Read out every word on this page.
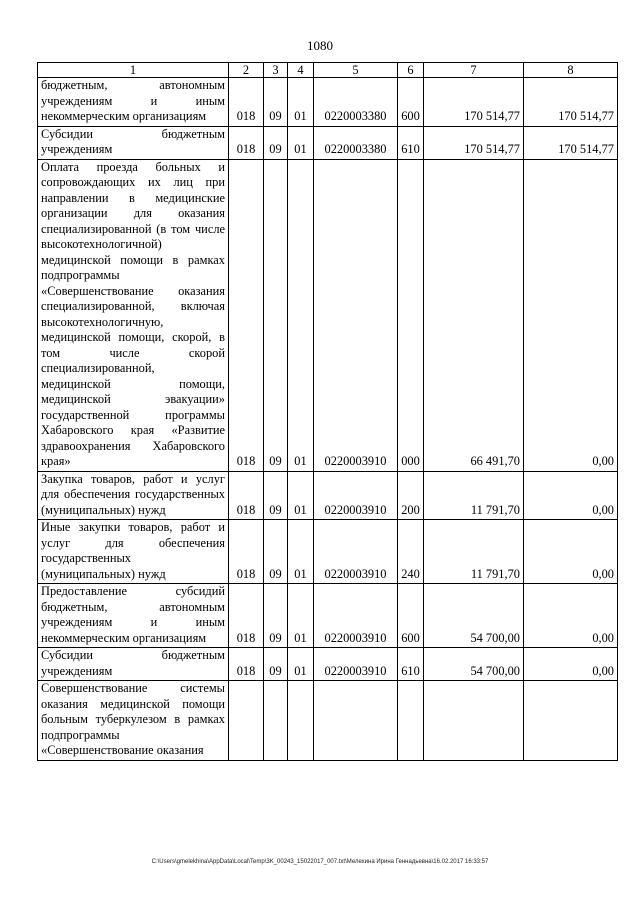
1080
1	2	3	4	5	6	7	8
бюджетным, автономным учреждениям и иным некоммерческим организациям	018	09	01	0220003380	600	170 514,77	170 514,77
Субсидии бюджетным учреждениям	018	09	01	0220003380	610	170 514,77	170 514,77
Оплата проезда больных и сопровождающих их лиц при направлении в медицинские организации для оказания специализированной (в том числе высокотехнологичной) медицинской помощи в рамках подпрограммы «Совершенствование оказания специализированной, включая высокотехнологичную, медицинской помощи, скорой, в том числе скорой специализированной, медицинской помощи, медицинской эвакуации» государственной программы Хабаровского края «Развитие здравоохранения Хабаровского края»	018	09	01	0220003910	000	66 491,70	0,00
Закупка товаров, работ и услуг для обеспечения государственных (муниципальных) нужд	018	09	01	0220003910	200	11 791,70	0,00
Иные закупки товаров, работ и услуг для обеспечения государственных (муниципальных) нужд	018	09	01	0220003910	240	11 791,70	0,00
Предоставление субсидий бюджетным, автономным учреждениям и иным некоммерческим организациям	018	09	01	0220003910	600	54 700,00	0,00
Субсидии бюджетным учреждениям	018	09	01	0220003910	610	54 700,00	0,00
Совершенствование системы оказания медицинской помощи больным туберкулезом в рамках подпрограммы «Совершенствование оказания							
C:\Users\gmelekhina\AppData\Local\Temp\3K_00243_15022017_007.txt\Мелехина Ирина Геннадьевна\16.02.2017 16:33:57
